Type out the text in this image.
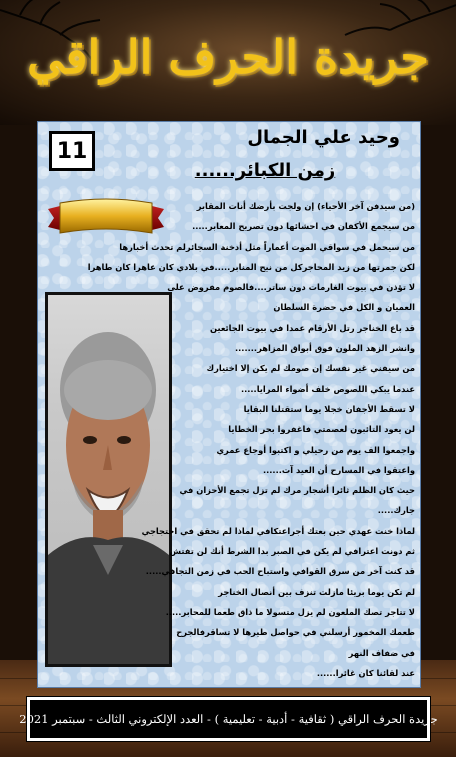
جريدة الحرف الراقي
11
وحيد علي الجمال
زمن الكبائر......
(من سيدفن آخر الأحياء) إن ولجت بأرضك أنات المقابر
من سيجمع الأكفان في احشائها دون تصريح المعابر.....
من سيحمل في سواقي الموت أعماراً مثل أدخنة السجائرلم تحدث أخبارها
لكن جمرتها من زيد المحاجركل من نيح المنابر.....في بلادي كان عاهرا كان طاهرا
لا تؤذن في بيوت الغارمات دون ساتر....فالصوم مفروض على
العميان و الكل في حضرة السلطان
قد باع الخناجر رتل الأرقام عمدا في بيوت الجائعين
وانشر الزهد الملون فوق أبواق المزاهر.......
من سيفني غير نفسك إن صومك لم يكن إلا اختيارك
عندما يبكي اللصوص خلف أضواء المرايا.....
لا تسقط الأجفان خجلا يوما ستقتلنا البقايا
لن يعود التائبون لعصمتي فاغفروا بحر الخطايا
واجمعوا الف يوم من رحيلي و اكتبوا أوجاع عمري
واعتقوا في المسارح أن العيد آت......
حيث كان الظلم ثائرا أشجار مرك لم تزل تجمع الأحزان في
جارك.....
لماذا خنت عهدي حين بعتك أجراعتكافي لماذا لم تحقق في احتجاجي
ثم دونت اعترافي لم يكن في الصبر بدا الشرط أنك لن تفتش
قد كنت آخر من سرق القوافي واستباح الحب في زمن التجافي.....
لم تكن يوما بريئا مازلت تنزف بين أنصال الخناجر
لا تتاجر تصك الملعون لم يزل متسولا ما ذاق طعما للمحابر.....
طعمك المخمور أرسلني في حواصل طيرها لا تساقرفالجرح
في ضفاف النهر
عند لقائنا كان غائرا......
جريدة الحرف الراقي ( ثقافية - أدبية - تعليمية ) - العدد الإلكتروني الثالث - سبتمبر 2021
